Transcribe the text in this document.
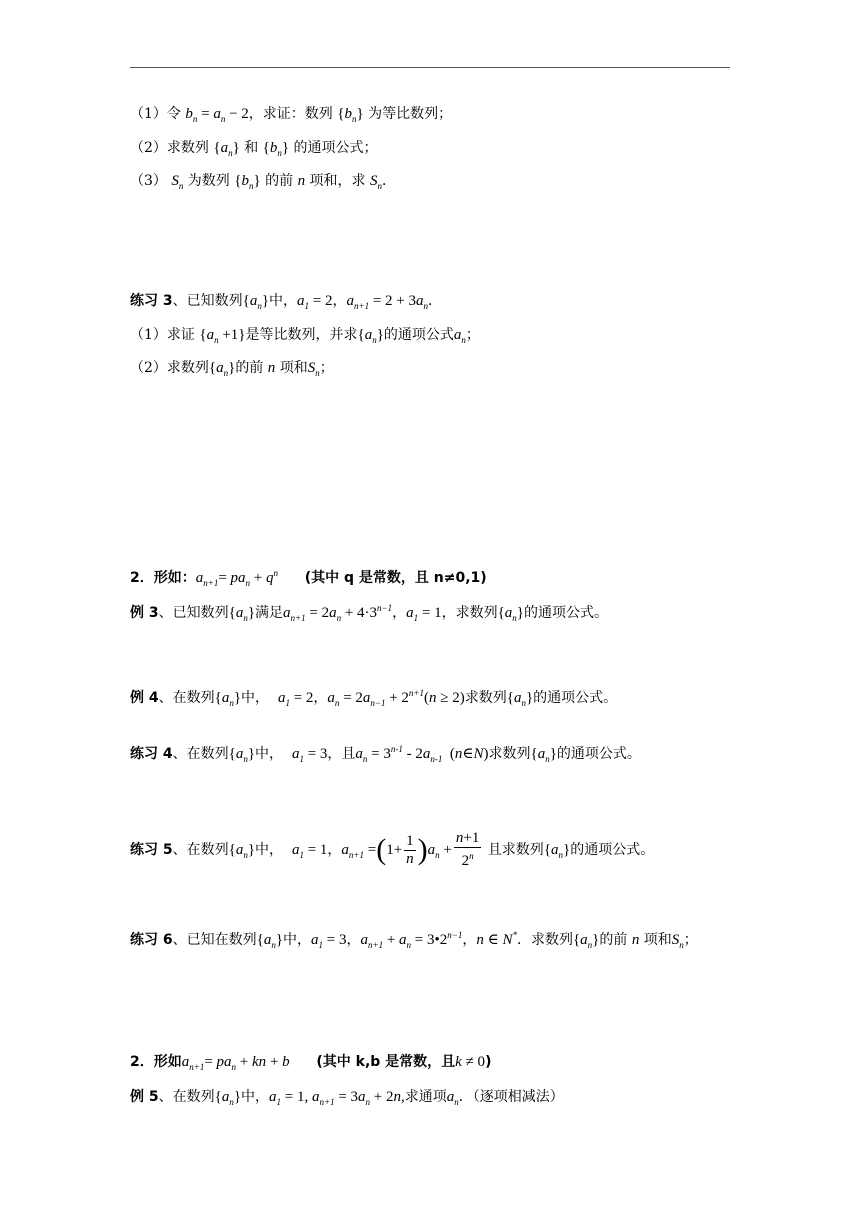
（1）令 $b_n = a_n - 2$，求证：数列 $\{b_n\}$ 为等比数列；
（2）求数列 $\{a_n\}$ 和 $\{b_n\}$ 的通项公式；
（3） $S_n$ 为数列 $\{b_n\}$ 的前 n 项和，求 $S_n$．
练习 3、已知数列$\{a_n\}$中，$a_1 = 2$，$a_{n+1} = 2 + 3a_n$．
（1）求证 $\{a_n +1\}$是等比数列，并求$\{a_n\}$的通项公式$a_n$；
（2）求数列$\{a_n\}$的前 n 项和$S_n$；
2．形如：$a_{n+1}= pa_n + q^n$ (其中 q 是常数，且 n≠0,1)
例 3、已知数列$\{a_n\}$满足$a_{n+1} = 2a_n + 4\cdot 3^{n-1}$，$a_1 = 1$，求数列$\{a_n\}$的通项公式。
例 4、在数列$\{a_n\}$中， $a_1 = 2$，$a_n = 2a_{n-1} + 2^{n+1}(n \ge 2)$求数列$\{a_n\}$的通项公式。
练习 4、在数列$\{a_n\}$中， $a_1 = 3$，且$a_n = 3^{n-1} - 2a_{n-1}$ (n∈N)求数列$\{a_n\}$的通项公式。
练习 5、在数列$\{a_n\}$中， $a_1 = 1$，$a_{n+1} =(1+ \frac{1}{n} )a_n + \frac{n+1}{2^n}$ 且求数列$\{a_n\}$的通项公式。
练习 6、已知在数列$\{a_n\}$中，$a_1 = 3$，$a_{n+1} + a_n$ = $3•2^{n-1}$，n ∈ N*．求数列$\{a_n\}$的前 n 项和$S_n$；
2．形如$a_{n+1}= pa_n$ + kn + b (其中 k,b 是常数，且k ≠ 0)
例 5、在数列$\{a_n\}$中，$a_1 = 1$, $a_{n+1} = 3a_n + 2n$,求通项$a_n$．（逐项相减法）
